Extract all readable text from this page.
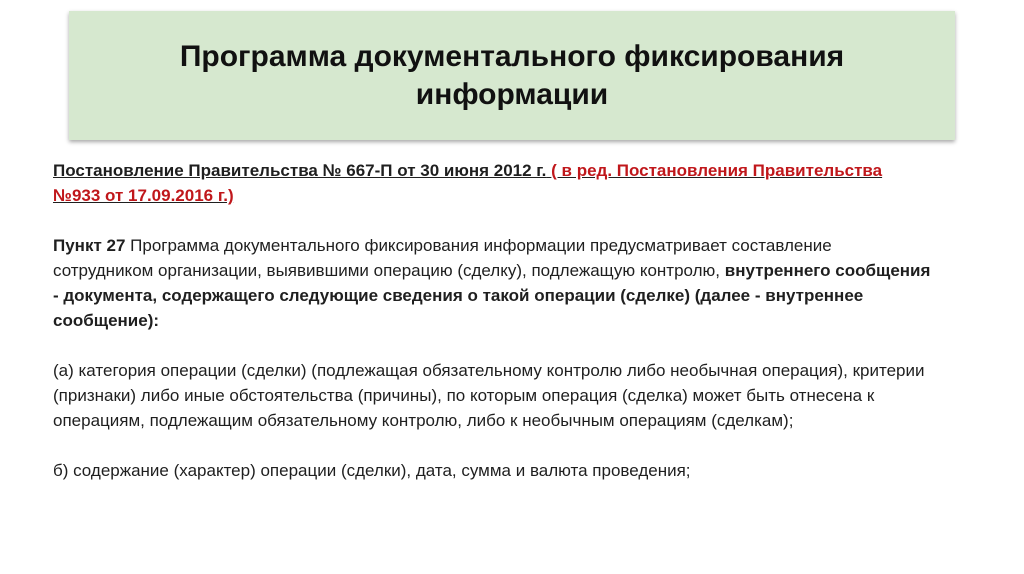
Программа документального фиксирования информации

Постановление Правительства № 667-П от 30 июня 2012 г. ( в ред. Постановления Правительства №933 от 17.09.2016 г.)

Пункт 27 Программа документального фиксирования информации предусматривает составление сотрудником организации, выявившими операцию (сделку), подлежащую контролю, внутреннего сообщения - документа, содержащего следующие сведения о такой операции (сделке) (далее - внутреннее сообщение):

(а) категория операции (сделки) (подлежащая обязательному контролю либо необычная операция), критерии (признаки) либо иные обстоятельства (причины), по которым операция (сделка) может быть отнесена к операциям, подлежащим обязательному контролю, либо к необычным операциям (сделкам);

б) содержание (характер) операции (сделки), дата, сумма и валюта проведения;
